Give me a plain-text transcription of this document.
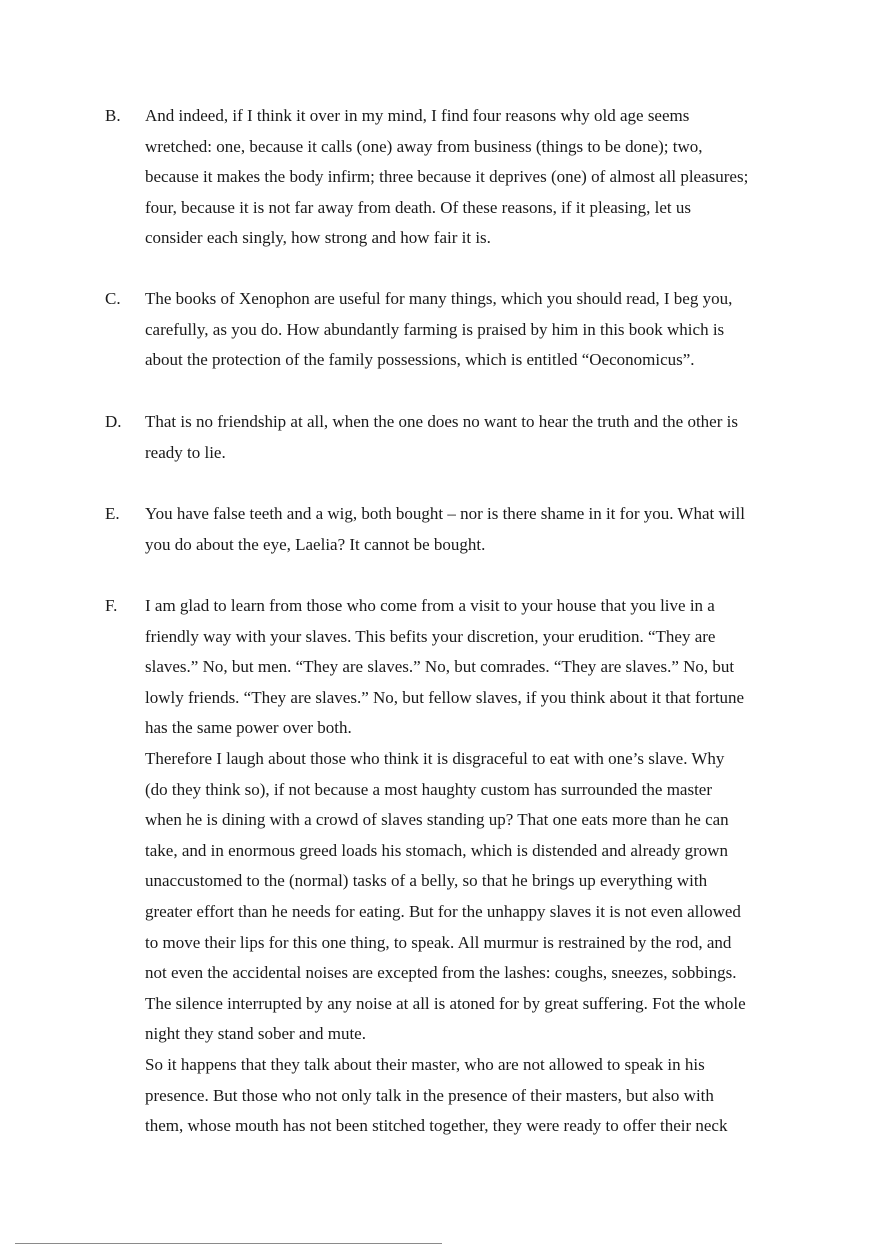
B. And indeed, if I think it over in my mind, I find four reasons why old age seems
wretched: one, because it calls (one) away from business (things to be done); two,
because it makes the body infirm; three because it deprives (one) of almost all pleasures;
four, because it is not far away from death. Of these reasons, if it pleasing, let us
consider each singly, how strong and how fair it is.
C. The books of Xenophon are useful for many things, which you should read, I beg you,
carefully, as you do. How abundantly farming is praised by him in this book which is
about the protection of the family possessions, which is entitled “Oeconomicus”.
D. That is no friendship at all, when the one does no want to hear the truth and the other is
ready to lie.
E. You have false teeth and a wig, both bought – nor is there shame in it for you. What will
you do about the eye, Laelia? It cannot be bought.
F. I am glad to learn from those who come from a visit to your house that you live in a
friendly way with your slaves. This befits your discretion, your erudition. “They are
slaves.” No, but men. “They are slaves.” No, but comrades. “They are slaves.” No, but
lowly friends. “They are slaves.” No, but fellow slaves, if you think about it that fortune
has the same power over both.
Therefore I laugh about those who think it is disgraceful to eat with one’s slave. Why
(do they think so), if not because a most haughty custom has surrounded the master
when he is dining with a crowd of slaves standing up? That one eats more than he can
take, and in enormous greed loads his stomach, which is distended and already grown
unaccustomed to the (normal) tasks of a belly, so that he brings up everything with
greater effort than he needs for eating. But for the unhappy slaves it is not even allowed
to move their lips for this one thing, to speak. All murmur is restrained by the rod, and
not even the accidental noises are excepted from the lashes: coughs, sneezes, sobbings.
The silence interrupted by any noise at all is atoned for by great suffering. Fot the whole
night they stand sober and mute.
So it happens that they talk about their master, who are not allowed to speak in his
presence. But those who not only talk in the presence of their masters, but also with
them, whose mouth has not been stitched together, they were ready to offer their neck
